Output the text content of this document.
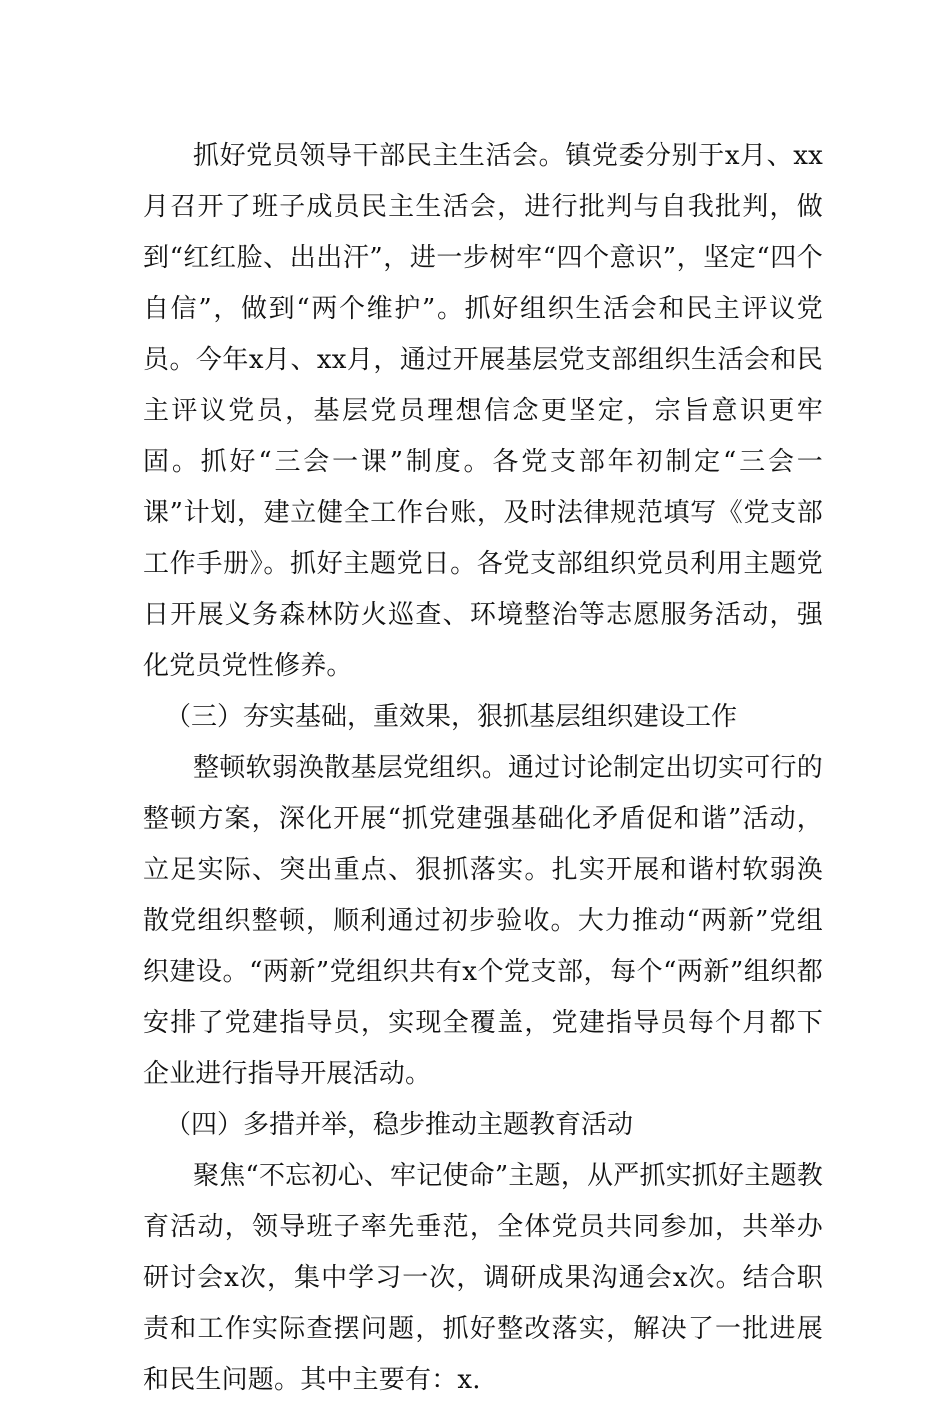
抓好党员领导干部民主生活会。镇党委分别于x月、xx月召开了班子成员民主生活会，进行批判与自我批判，做到“红红脸、出出汗”，进一步树牢“四个意识”，坚定“四个自信”，做到“两个维护”。抓好组织生活会和民主评议党员。今年x月、xx月，通过开展基层党支部组织生活会和民主评议党员，基层党员理想信念更坚定，宗旨意识更牢固。抓好“三会一课”制度。各党支部年初制定“三会一课”计划，建立健全工作台账，及时法律规范填写《党支部工作手册》。抓好主题党日。各党支部组织党员利用主题党日开展义务森林防火巡查、环境整治等志愿服务活动，强化党员党性修养。

（三）夯实基础，重效果，狠抓基层组织建设工作

整顿软弱涣散基层党组织。通过讨论制定出切实可行的整顿方案，深化开展“抓党建强基础化矛盾促和谐”活动，立足实际、突出重点、狠抓落实。扎实开展和谐村软弱涣散党组织整顿，顺利通过初步验收。大力推动“两新”党组织建设。“两新”党组织共有x个党支部，每个“两新”组织都安排了党建指导员，实现全覆盖，党建指导员每个月都下企业进行指导开展活动。

（四）多措并举，稳步推动主题教育活动

聚焦“不忘初心、牢记使命”主题，从严抓实抓好主题教育活动，领导班子率先垂范，全体党员共同参加，共举办研讨会x次，集中学习一次，调研成果沟通会x次。结合职责和工作实际查摆问题，抓好整改落实，解决了一批进展和民生问题。其中主要有：x.
